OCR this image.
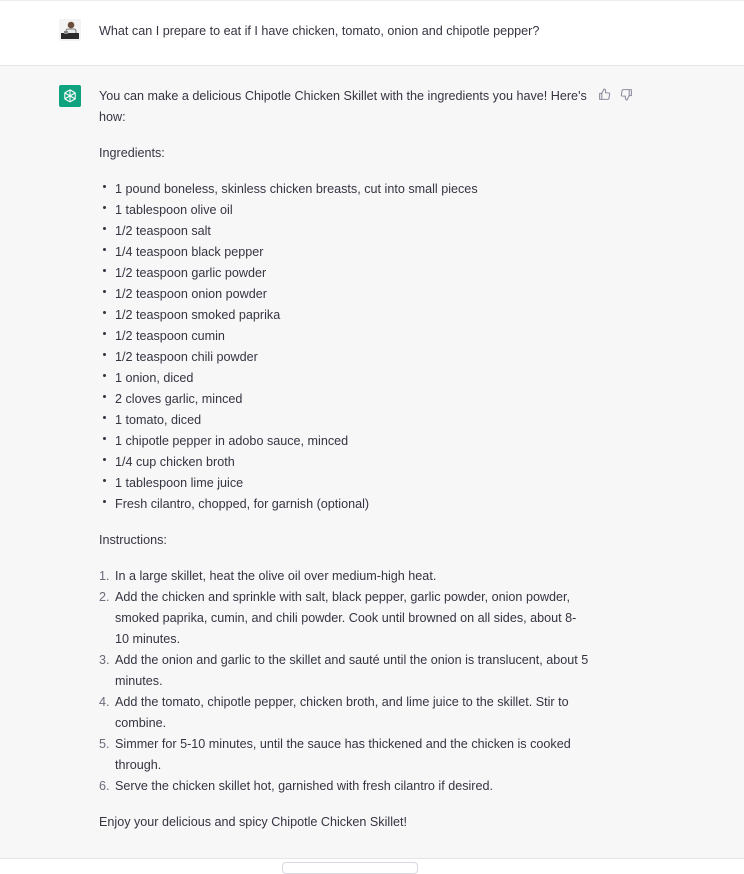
What can I prepare to eat if I have chicken, tomato, onion and chipotle pepper?

You can make a delicious Chipotle Chicken Skillet with the ingredients you have! Here's how:

Ingredients:

1 pound boneless, skinless chicken breasts, cut into small pieces
1 tablespoon olive oil
1/2 teaspoon salt
1/4 teaspoon black pepper
1/2 teaspoon garlic powder
1/2 teaspoon onion powder
1/2 teaspoon smoked paprika
1/2 teaspoon cumin
1/2 teaspoon chili powder
1 onion, diced
2 cloves garlic, minced
1 tomato, diced
1 chipotle pepper in adobo sauce, minced
1/4 cup chicken broth
1 tablespoon lime juice
Fresh cilantro, chopped, for garnish (optional)

Instructions:

1. In a large skillet, heat the olive oil over medium-high heat.
2. Add the chicken and sprinkle with salt, black pepper, garlic powder, onion powder, smoked paprika, cumin, and chili powder. Cook until browned on all sides, about 8-10 minutes.
3. Add the onion and garlic to the skillet and sauté until the onion is translucent, about 5 minutes.
4. Add the tomato, chipotle pepper, chicken broth, and lime juice to the skillet. Stir to combine.
5. Simmer for 5-10 minutes, until the sauce has thickened and the chicken is cooked through.
6. Serve the chicken skillet hot, garnished with fresh cilantro if desired.

Enjoy your delicious and spicy Chipotle Chicken Skillet!
